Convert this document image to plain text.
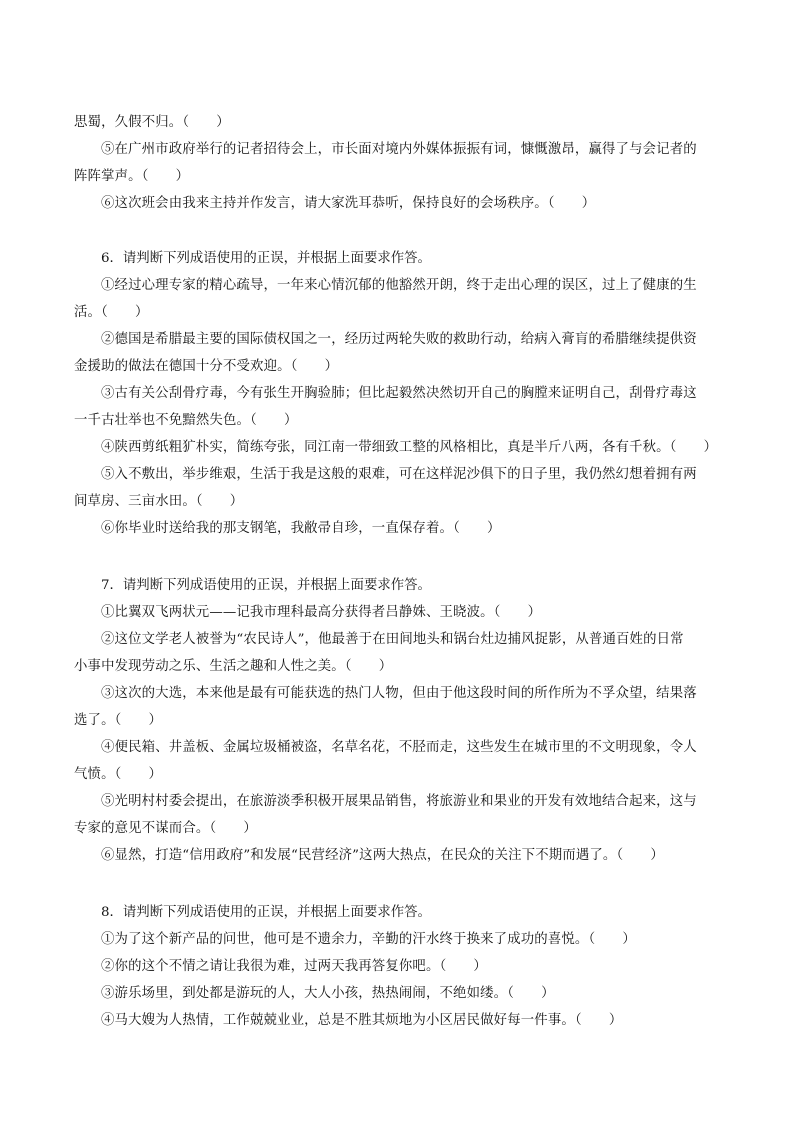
思蜀，久假不归。（　　）
⑤在广州市政府举行的记者招待会上，市长面对境内外媒体振振有词，慷慨激昂，赢得了与会记者的
阵阵掌声。（　　）
⑥这次班会由我来主持并作发言，请大家洗耳恭听，保持良好的会场秩序。（　　）
6．请判断下列成语使用的正误，并根据上面要求作答。
①经过心理专家的精心疏导，一年来心情沉郁的他豁然开朗，终于走出心理的误区，过上了健康的生
活。（　　）
②德国是希腊最主要的国际债权国之一，经历过两轮失败的救助行动，给病入膏肓的希腊继续提供资
金援助的做法在德国十分不受欢迎。（　　）
③古有关公刮骨疗毒，今有张生开胸验肺；但比起毅然决然切开自己的胸膛来证明自己，刮骨疗毒这
一千古壮举也不免黯然失色。（　　）
④陕西剪纸粗犷朴实，简练夸张，同江南一带细致工整的风格相比，真是半斤八两，各有千秋。（　　）
⑤入不敷出，举步维艰，生活于我是这般的艰难，可在这样泥沙俱下的日子里，我仍然幻想着拥有两
间草房、三亩水田。（　　）
⑥你毕业时送给我的那支钢笔，我敝帚自珍，一直保存着。（　　）
7．请判断下列成语使用的正误，并根据上面要求作答。
①比翼双飞两状元——记我市理科最高分获得者吕静姝、王晓波。（　　）
②这位文学老人被誉为“农民诗人”，他最善于在田间地头和锅台灶边捕风捉影，从普通百姓的日常
小事中发现劳动之乐、生活之趣和人性之美。（　　）
③这次的大选，本来他是最有可能获选的热门人物，但由于他这段时间的所作所为不孚众望，结果落
选了。（　　）
④便民箱、井盖板、金属垃圾桶被盗，名草名花，不胫而走，这些发生在城市里的不文明现象，令人
气愤。（　　）
⑤光明村村委会提出，在旅游淡季积极开展果品销售，将旅游业和果业的开发有效地结合起来，这与
专家的意见不谋而合。（　　）
⑥显然，打造“信用政府”和发展“民营经济”这两大热点，在民众的关注下不期而遇了。（　　）
8．请判断下列成语使用的正误，并根据上面要求作答。
①为了这个新产品的问世，他可是不遗余力，辛勤的汗水终于换来了成功的喜悦。（　　）
②你的这个不情之请让我很为难，过两天我再答复你吧。（　　）
③游乐场里，到处都是游玩的人，大人小孩，热热闹闹，不绝如缕。（　　）
④马大嫂为人热情，工作兢兢业业，总是不胜其烦地为小区居民做好每一件事。（　　）
